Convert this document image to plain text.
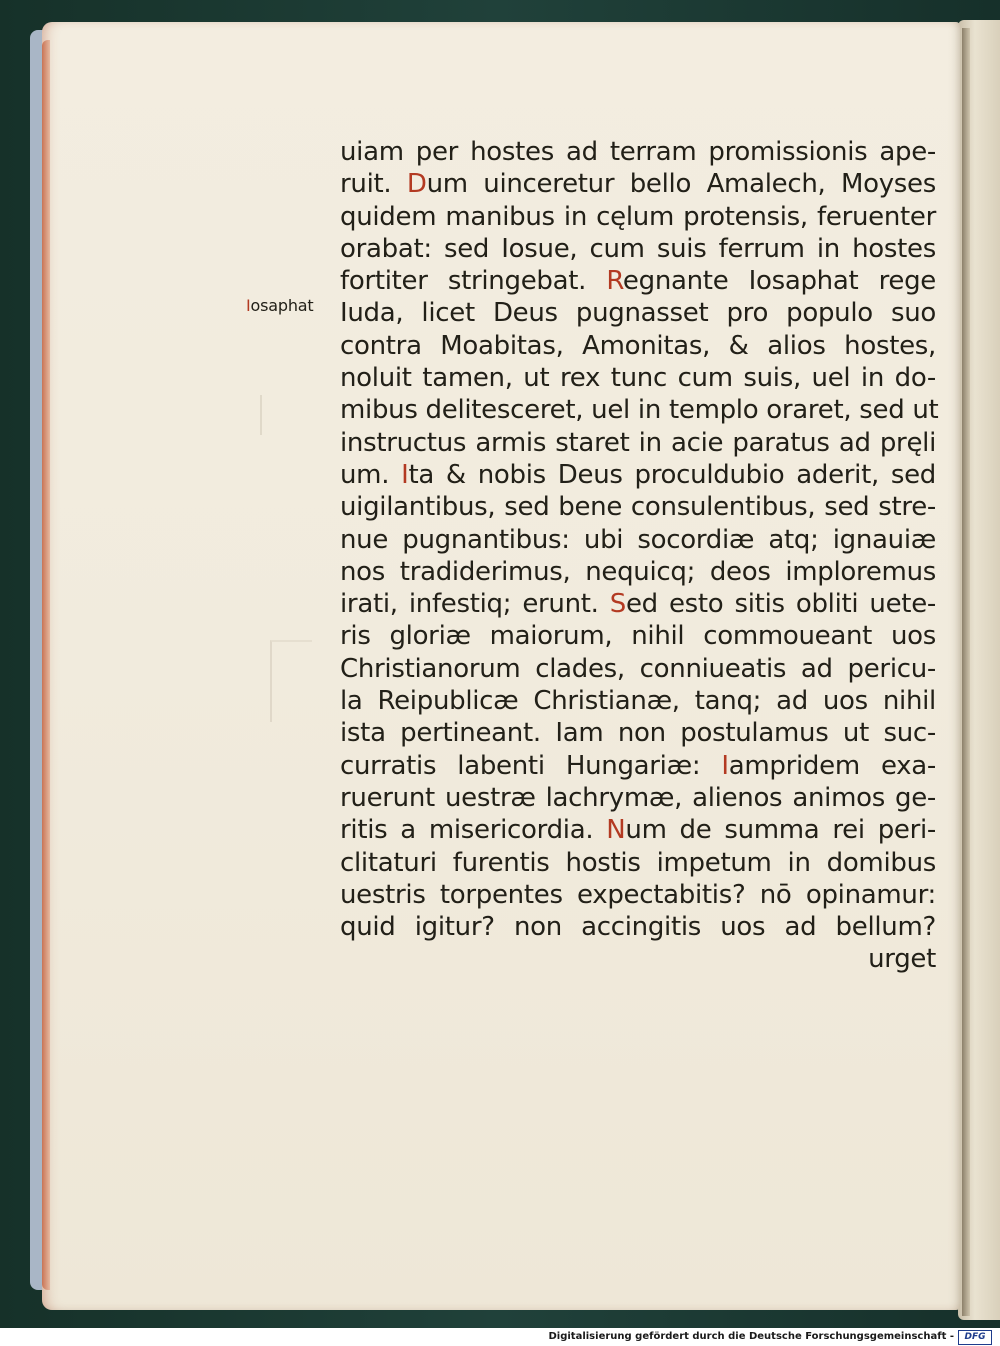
Iosaphat
uiam per hostes ad terram promissionis ape-
ruit. Dum uinceretur bello Amalech, Moyses
quidem manibus in cęlum protensis, feruenter
orabat: sed Iosue, cum suis ferrum in hostes
fortiter stringebat. Regnante Iosaphat rege
Iuda, licet Deus pugnasset pro populo suo
contra Moabitas, Amonitas, & alios hostes,
noluit tamen, ut rex tunc cum suis, uel in do-
mibus delitesceret, uel in templo oraret, sed ut
instructus armis staret in acie paratus ad pręli
um. Ita & nobis Deus proculdubio aderit, sed
uigilantibus, sed bene consulentibus, sed stre-
nue pugnantibus: ubi socordiæ atq; ignauiæ
nos tradiderimus, nequicq; deos imploremus
irati, infestiq; erunt. Sed esto sitis obliti uete-
ris gloriæ maiorum, nihil commoueant uos
Christianorum clades, conniueatis ad pericu-
la Reipublicæ Christianæ, tanq; ad uos nihil
ista pertineant. Iam non postulamus ut suc-
curratis labenti Hungariæ: Iampridem exa-
ruerunt uestræ lachrymæ, alienos animos ge-
ritis a misericordia. Num de summa rei peri-
clitaturi furentis hostis impetum in domibus
uestris torpentes expectabitis? nō opinamur:
quid igitur? non accingitis uos ad bellum?
urget
Digitalisierung gefördert durch die Deutsche Forschungsgemeinschaft -	DFG
